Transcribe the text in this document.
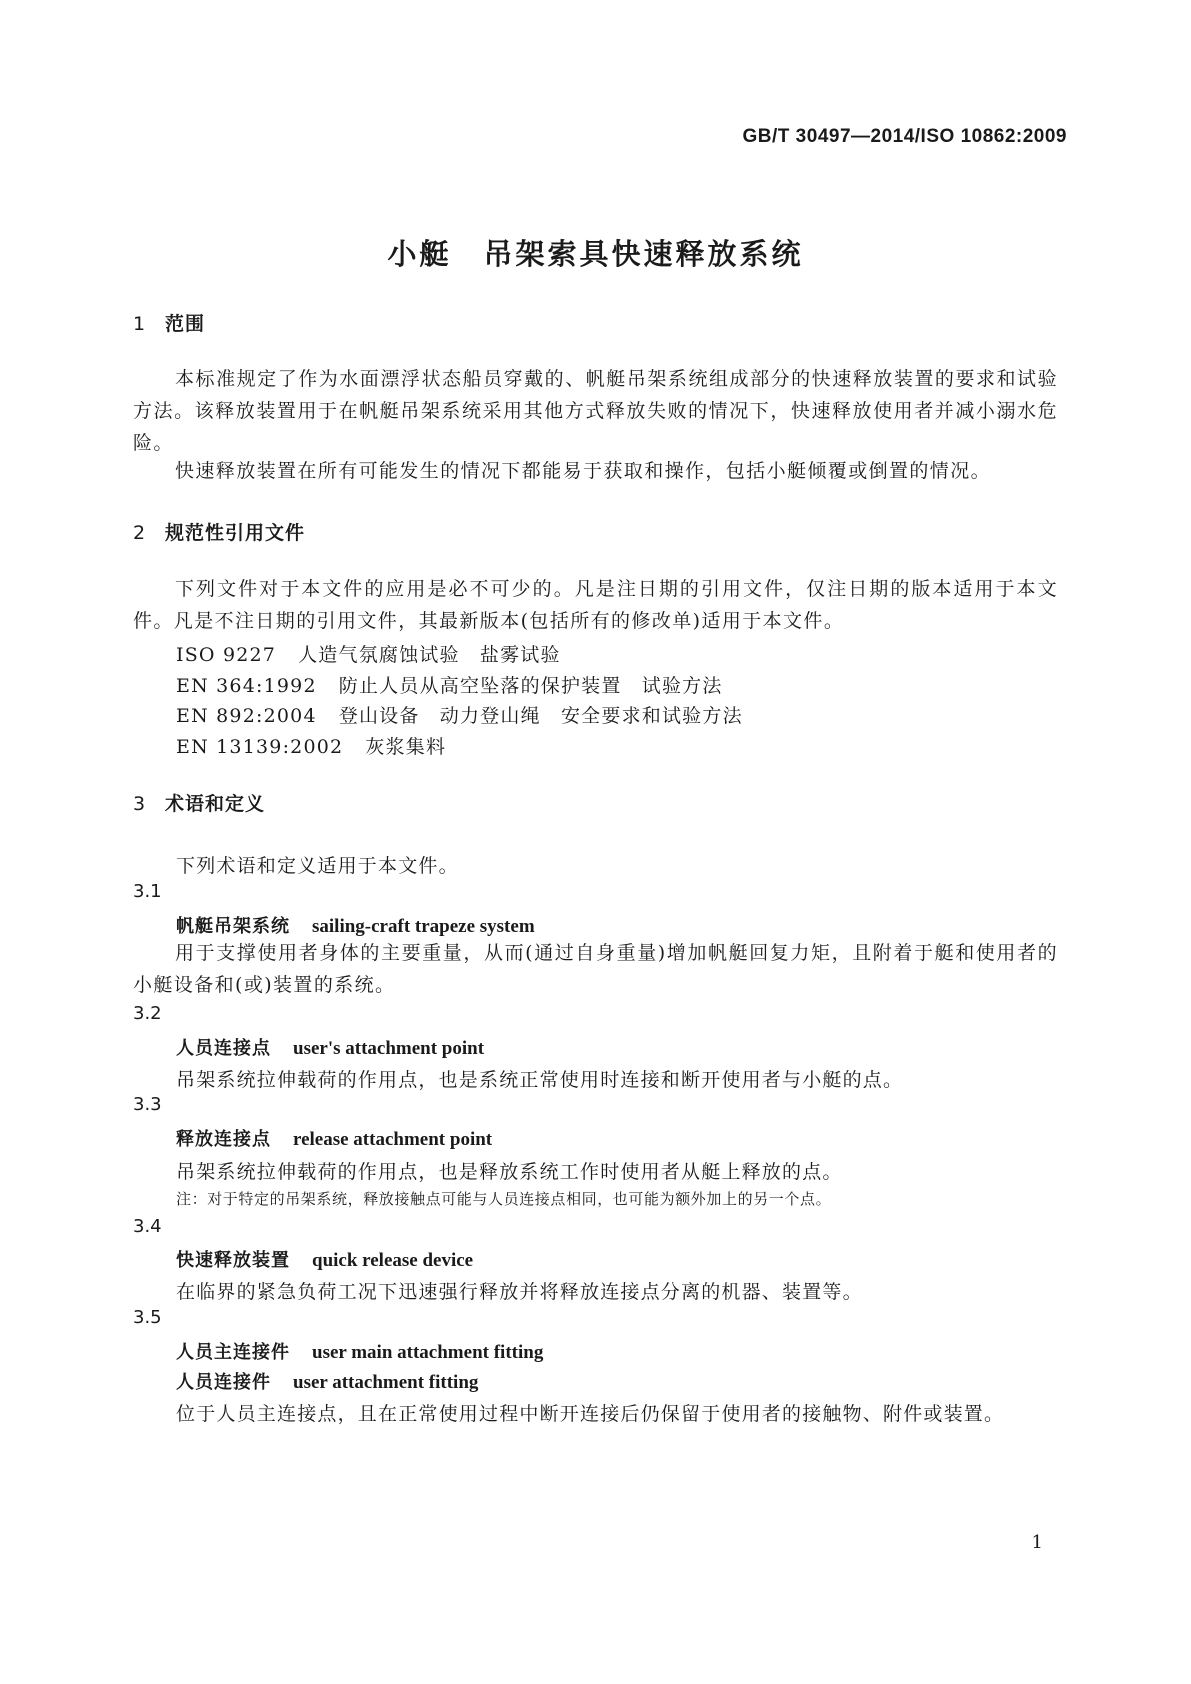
GB/T 30497—2014/ISO 10862:2009
小艇　吊架索具快速释放系统
1 范围
本标准规定了作为水面漂浮状态船员穿戴的、帆艇吊架系统组成部分的快速释放装置的要求和试验方法。该释放装置用于在帆艇吊架系统采用其他方式释放失败的情况下，快速释放使用者并减小溺水危险。
快速释放装置在所有可能发生的情况下都能易于获取和操作，包括小艇倾覆或倒置的情况。
2 规范性引用文件
下列文件对于本文件的应用是必不可少的。凡是注日期的引用文件，仅注日期的版本适用于本文件。凡是不注日期的引用文件，其最新版本(包括所有的修改单)适用于本文件。
ISO 9227 人造气氛腐蚀试验　盐雾试验
EN 364:1992 防止人员从高空坠落的保护装置　试验方法
EN 892:2004 登山设备　动力登山绳　安全要求和试验方法
EN 13139:2002 灰浆集料
3 术语和定义
下列术语和定义适用于本文件。
3.1
帆艇吊架系统 sailing-craft trapeze system
用于支撑使用者身体的主要重量，从而(通过自身重量)增加帆艇回复力矩，且附着于艇和使用者的小艇设备和(或)装置的系统。
3.2
人员连接点 user's attachment point
吊架系统拉伸载荷的作用点，也是系统正常使用时连接和断开使用者与小艇的点。
3.3
释放连接点 release attachment point
吊架系统拉伸载荷的作用点，也是释放系统工作时使用者从艇上释放的点。
注：对于特定的吊架系统，释放接触点可能与人员连接点相同，也可能为额外加上的另一个点。
3.4
快速释放装置 quick release device
在临界的紧急负荷工况下迅速强行释放并将释放连接点分离的机器、装置等。
3.5
人员主连接件 user main attachment fitting
人员连接件 user attachment fitting
位于人员主连接点，且在正常使用过程中断开连接后仍保留于使用者的接触物、附件或装置。
1
